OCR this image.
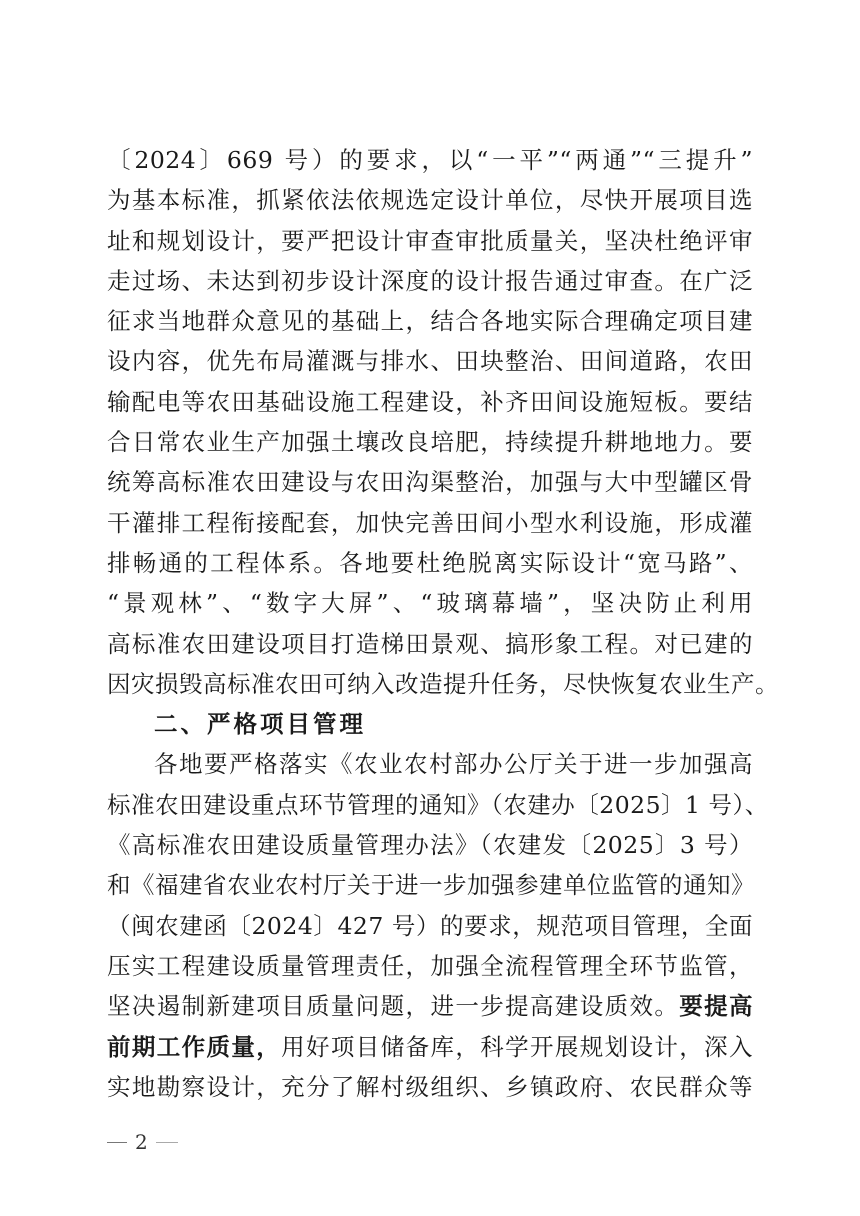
〔2024〕669 号）的要求，以“一平”“两通”“三提升”
为基本标准，抓紧依法依规选定设计单位，尽快开展项目选
址和规划设计，要严把设计审查审批质量关，坚决杜绝评审
走过场、未达到初步设计深度的设计报告通过审查。在广泛
征求当地群众意见的基础上，结合各地实际合理确定项目建
设内容，优先布局灌溉与排水、田块整治、田间道路，农田
输配电等农田基础设施工程建设，补齐田间设施短板。要结
合日常农业生产加强土壤改良培肥，持续提升耕地地力。要
统筹高标准农田建设与农田沟渠整治，加强与大中型罐区骨
干灌排工程衔接配套，加快完善田间小型水利设施，形成灌
排畅通的工程体系。各地要杜绝脱离实际设计“宽马路”、
“景观林”、“数字大屏”、“玻璃幕墙”，坚决防止利用
高标准农田建设项目打造梯田景观、搞形象工程。对已建的
因灾损毁高标准农田可纳入改造提升任务，尽快恢复农业生产。
二、严格项目管理
各地要严格落实《农业农村部办公厅关于进一步加强高
标准农田建设重点环节管理的通知》（农建办〔2025〕1 号）、
《高标准农田建设质量管理办法》（农建发〔2025〕3 号）
和《福建省农业农村厅关于进一步加强参建单位监管的通知》
（闽农建函〔2024〕427 号）的要求，规范项目管理，全面
压实工程建设质量管理责任，加强全流程管理全环节监管，
坚决遏制新建项目质量问题，进一步提高建设质效。要提高
前期工作质量，用好项目储备库，科学开展规划设计，深入
实地勘察设计，充分了解村级组织、乡镇政府、农民群众等
2
